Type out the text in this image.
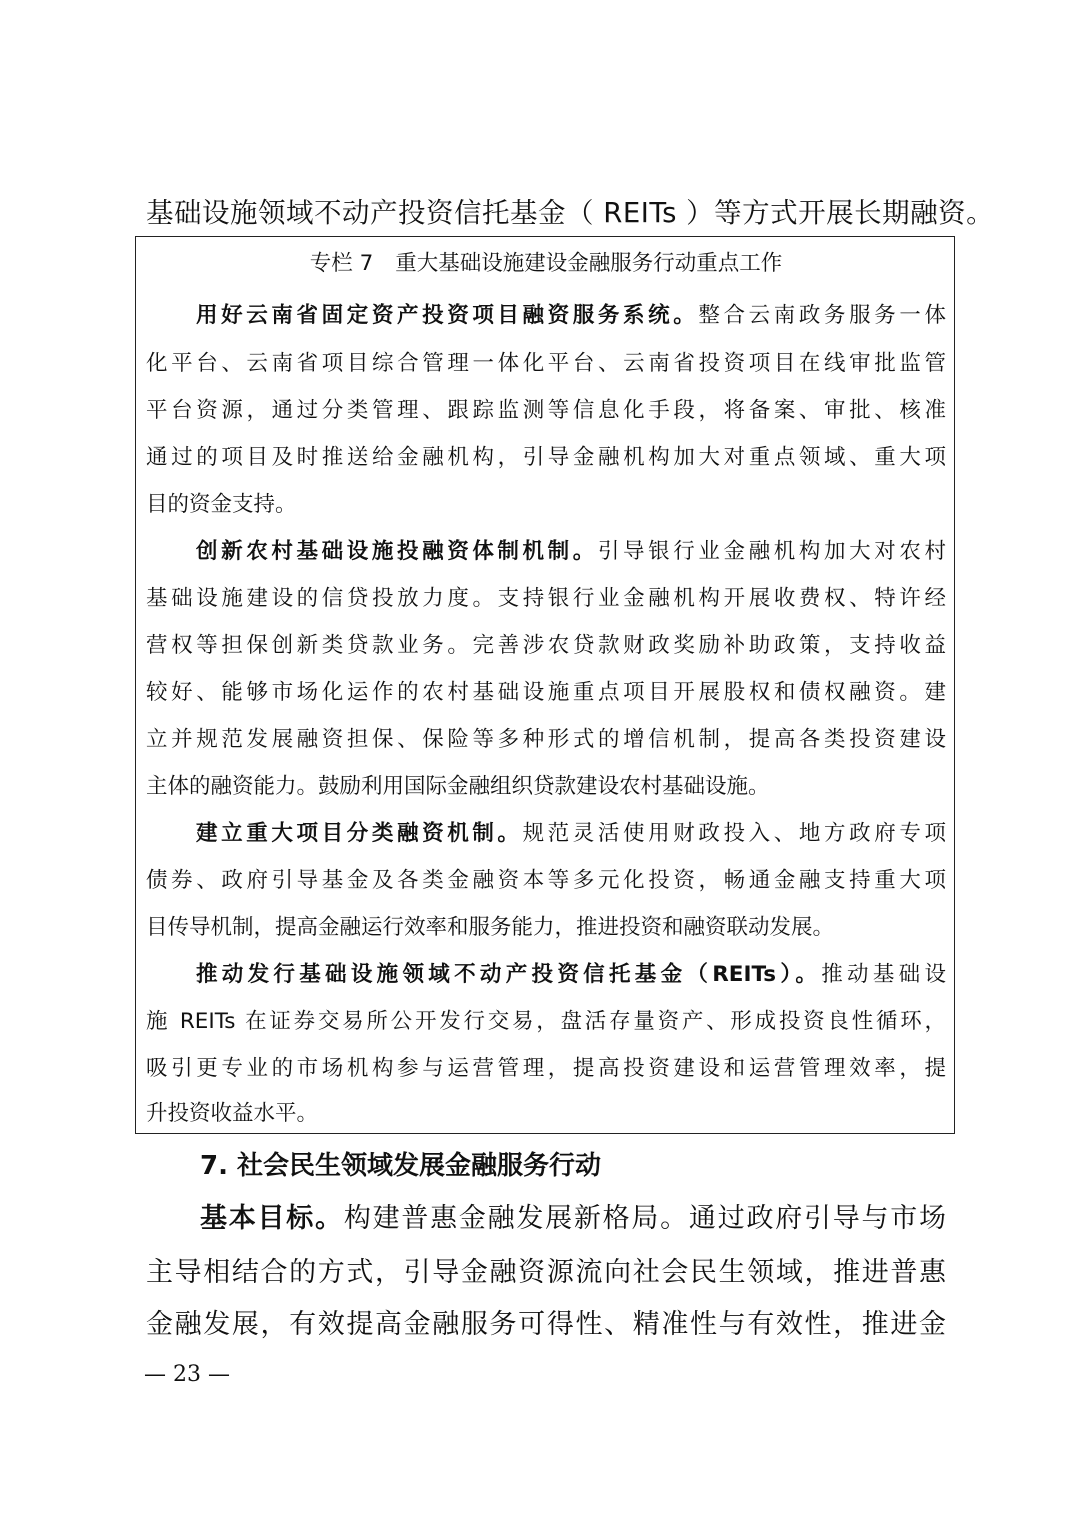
基础设施领域不动产投资信托基金（ REITs ）等方式开展长期融资。
专栏 7 重大基础设施建设金融服务行动重点工作
用好云南省固定资产投资项目融资服务系统。整合云南政务服务一体
化平台、云南省项目综合管理一体化平台、云南省投资项目在线审批监管
平台资源，通过分类管理、跟踪监测等信息化手段，将备案、审批、核准
通过的项目及时推送给金融机构，引导金融机构加大对重点领域、重大项
目的资金支持。
创新农村基础设施投融资体制机制。引导银行业金融机构加大对农村
基础设施建设的信贷投放力度。支持银行业金融机构开展收费权、特许经
营权等担保创新类贷款业务。完善涉农贷款财政奖励补助政策，支持收益
较好、能够市场化运作的农村基础设施重点项目开展股权和债权融资。建
立并规范发展融资担保、保险等多种形式的增信机制，提高各类投资建设
主体的融资能力。鼓励利用国际金融组织贷款建设农村基础设施。
建立重大项目分类融资机制。规范灵活使用财政投入、地方政府专项
债券、政府引导基金及各类金融资本等多元化投资，畅通金融支持重大项
目传导机制，提高金融运行效率和服务能力，推进投资和融资联动发展。
推动发行基础设施领域不动产投资信托基金（REITs）。推动基础设
施 REITs 在证券交易所公开发行交易，盘活存量资产、形成投资良性循环，
吸引更专业的市场机构参与运营管理，提高投资建设和运营管理效率，提
升投资收益水平。
7. 社会民生领域发展金融服务行动
基本目标。构建普惠金融发展新格局。通过政府引导与市场
主导相结合的方式，引导金融资源流向社会民生领域，推进普惠
金融发展，有效提高金融服务可得性、精准性与有效性，推进金
— 23 —
